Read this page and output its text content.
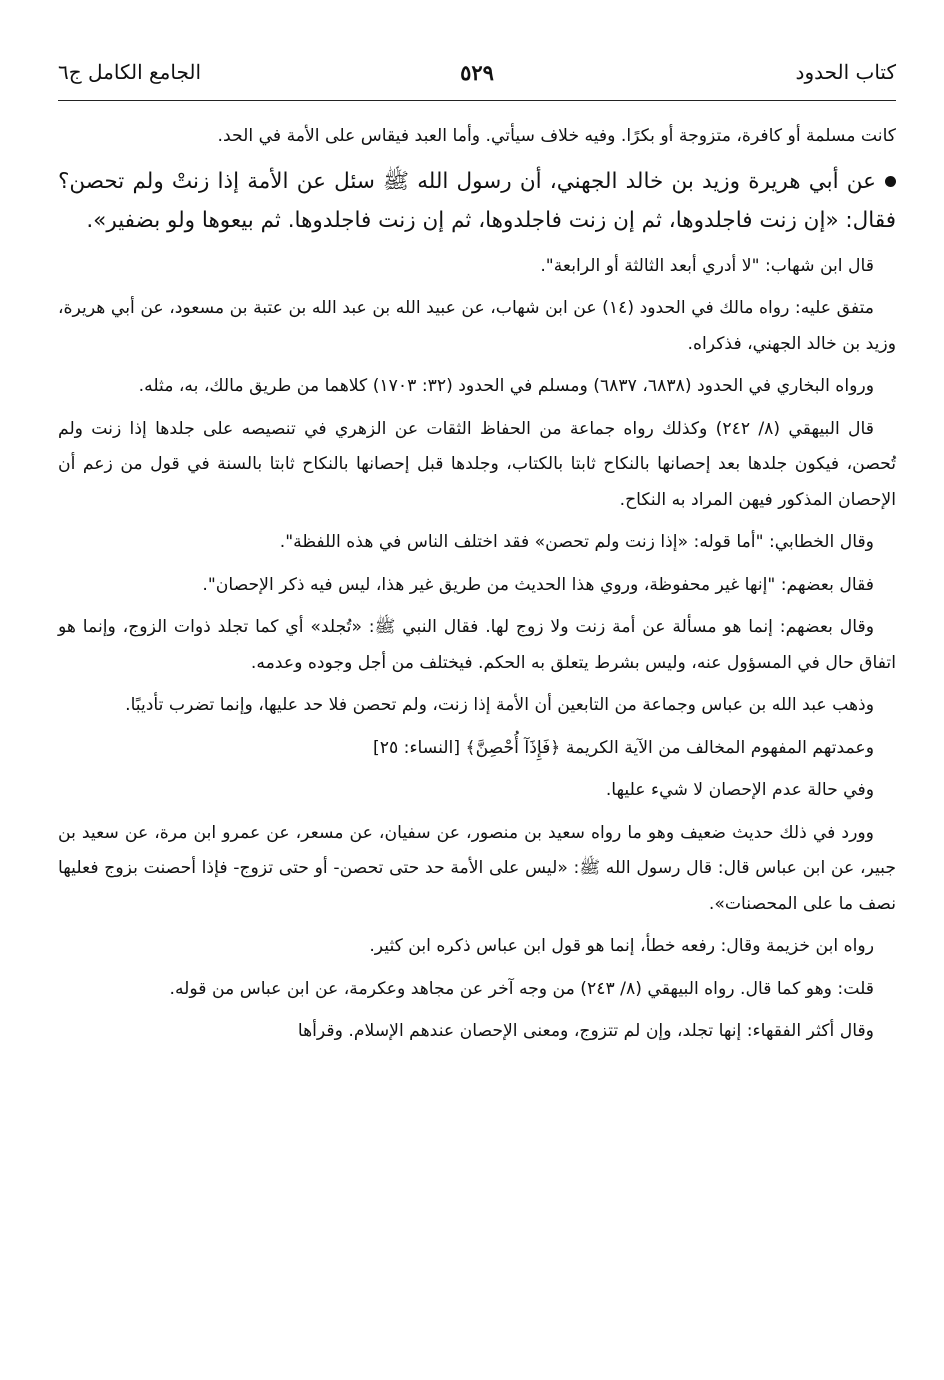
كتاب الحدود
٥٢٩
الجامع الكامل ج٦

كانت مسلمة أو كافرة، متزوجة أو بكرًا. وفيه خلاف سيأتي. وأما العبد فيقاس على الأمة في الحد.

عن أبي هريرة وزيد بن خالد الجهني، أن رسول الله ﷺ سئل عن الأمة إذا زنتْ ولم تحصن؟ فقال: «إن زنت فاجلدوها، ثم إن زنت فاجلدوها، ثم إن زنت فاجلدوها. ثم بيعوها ولو بضفير».

قال ابن شهاب: "لا أدري أبعد الثالثة أو الرابعة".

متفق عليه: رواه مالك في الحدود (١٤) عن ابن شهاب، عن عبيد الله بن عبد الله بن عتبة بن مسعود، عن أبي هريرة، وزيد بن خالد الجهني، فذكراه.

ورواه البخاري في الحدود (٦٨٣٨، ٦٨٣٧) ومسلم في الحدود (٣٢: ١٧٠٣) كلاهما من طريق مالك، به، مثله.

قال البيهقي (٨/ ٢٤٢) وكذلك رواه جماعة من الحفاظ الثقات عن الزهري في تنصيصه على جلدها إذا زنت ولم تُحصن، فيكون جلدها بعد إحصانها بالنكاح ثابتا بالكتاب، وجلدها قبل إحصانها بالنكاح ثابتا بالسنة في قول من زعم أن الإحصان المذكور فيهن المراد به النكاح.

وقال الخطابي: "أما قوله: «إذا زنت ولم تحصن» فقد اختلف الناس في هذه اللفظة".

فقال بعضهم: "إنها غير محفوظة، وروي هذا الحديث من طريق غير هذا، ليس فيه ذكر الإحصان".

وقال بعضهم: إنما هو مسألة عن أمة زنت ولا زوج لها. فقال النبي ﷺ: «تُجلد» أي كما تجلد ذوات الزوج، وإنما هو اتفاق حال في المسؤول عنه، وليس بشرط يتعلق به الحكم. فيختلف من أجل وجوده وعدمه.

وذهب عبد الله بن عباس وجماعة من التابعين أن الأمة إذا زنت، ولم تحصن فلا حد عليها، وإنما تضرب تأديبًا.

وعمدتهم المفهوم المخالف من الآية الكريمة ﴿فَإِذَآ أُحْصِنَّ﴾ [النساء: ٢٥]

وفي حالة عدم الإحصان لا شيء عليها.

وورد في ذلك حديث ضعيف وهو ما رواه سعيد بن منصور، عن سفيان، عن مسعر، عن عمرو ابن مرة، عن سعيد بن جبير، عن ابن عباس قال: قال رسول الله ﷺ: «ليس على الأمة حد حتى تحصن- أو حتى تزوج- فإذا أحصنت بزوج فعليها نصف ما على المحصنات».

رواه ابن خزيمة وقال: رفعه خطأ، إنما هو قول ابن عباس ذكره ابن كثير.

قلت: وهو كما قال. رواه البيهقي (٨/ ٢٤٣) من وجه آخر عن مجاهد وعكرمة، عن ابن عباس من قوله.

وقال أكثر الفقهاء: إنها تجلد، وإن لم تتزوج، ومعنى الإحصان عندهم الإسلام. وقرأها
